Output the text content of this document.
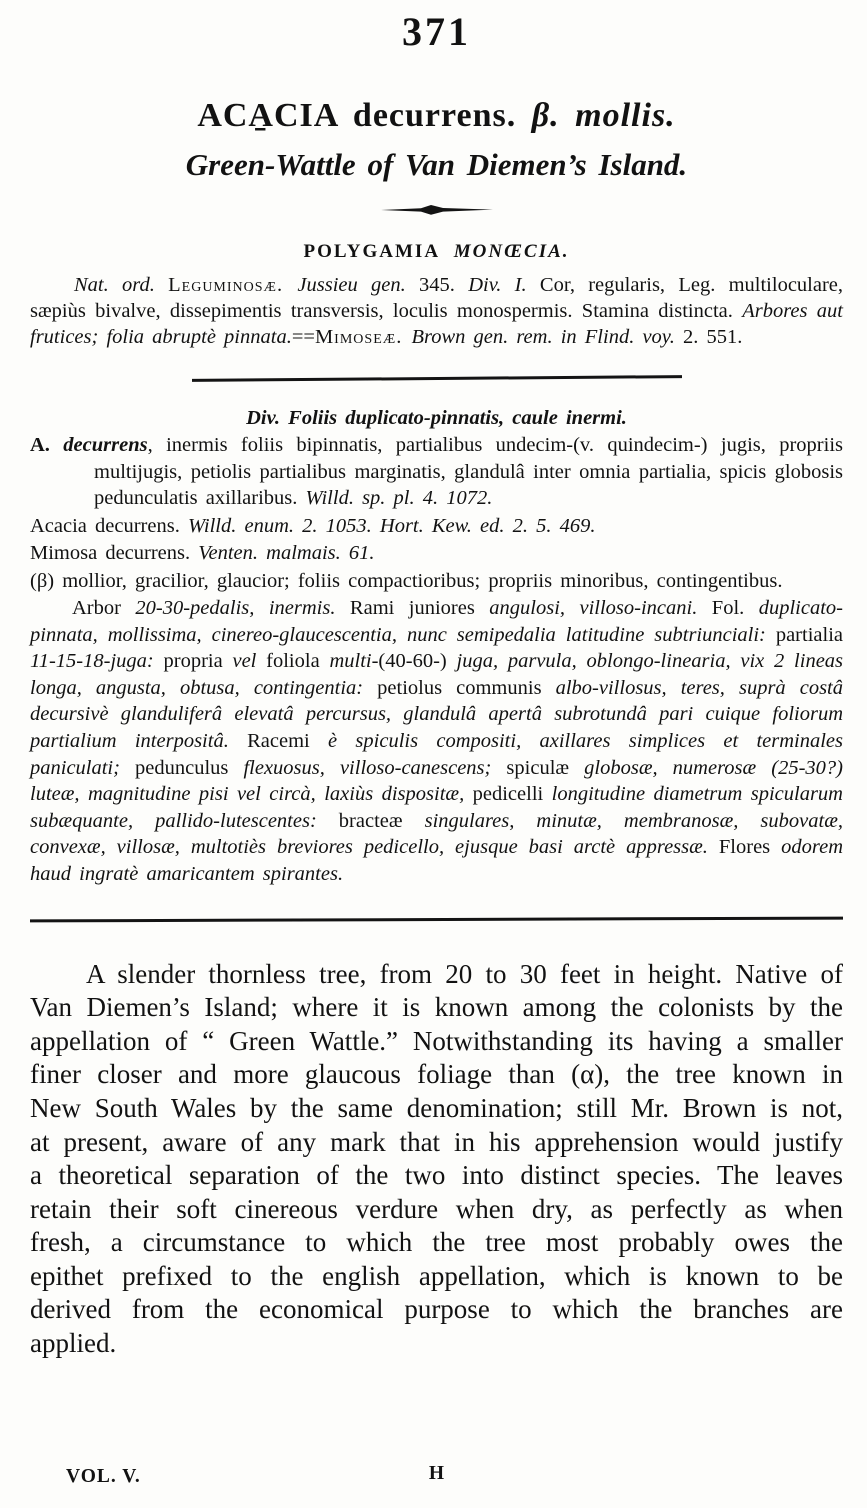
371
ACA̱CIA decurrens. β. mollis.
Green-Wattle of Van Diemen’s Island.
POLYGAMIA MONŒCIA.

Nat. ord. Leguminosæ. Jussieu gen. 345. Div. I. Cor, regularis, Leg. multiloculare, sæpiùs bivalve, dissepimentis transversis, loculis monospermis. Stamina distincta. Arbores aut frutices; folia abruptè pinnata.==Mimoseæ. Brown gen. rem. in Flind. voy. 2. 551.

Div. Foliis duplicato-pinnatis, caule inermi.

A. decurrens, inermis foliis bipinnatis, partialibus undecim-(v. quindecim-) jugis, propriis multijugis, petiolis partialibus marginatis, glandulâ inter omnia partialia, spicis globosis pedunculatis axillaribus. Willd. sp. pl. 4. 1072.

Acacia decurrens. Willd. enum. 2. 1053. Hort. Kew. ed. 2. 5. 469.

Mimosa decurrens. Venten. malmais. 61.

(β) mollior, gracilior, glaucior; foliis compactioribus; propriis minoribus, contingentibus.

Arbor 20-30-pedalis, inermis. Rami juniores angulosi, villoso-incani. Fol. duplicato-pinnata, mollissima, cinereo-glaucescentia, nunc semipedalia latitudine subtriunciali: partialia 11-15-18-juga: propria vel foliola multi-(40-60-) juga, parvula, oblongo-linearia, vix 2 lineas longa, angusta, obtusa, contingentia: petiolus communis albo-villosus, teres, suprà costâ decursivè glanduliferâ elevatâ percursus, glandulâ apertâ subrotundâ pari cuique foliorum partialium interpositâ. Racemi è spiculis compositi, axillares simplices et terminales paniculati; pedunculus flexuosus, villoso-canescens; spiculæ globosæ, numerosæ (25-30?) luteæ, magnitudine pisi vel circà, laxiùs dispositæ, pedicelli longitudine diametrum spicularum subæquante, pallido-lutescentes: bracteæ singulares, minutæ, membranosæ, subovatæ, convexæ, villosæ, multotiès breviores pedicello, ejusque basi arctè appressæ. Flores odorem haud ingratè amaricantem spirantes.

A slender thornless tree, from 20 to 30 feet in height. Native of Van Diemen’s Island; where it is known among the colonists by the appellation of “ Green Wattle.” Notwithstanding its having a smaller finer closer and more glaucous foliage than (α), the tree known in New South Wales by the same denomination; still Mr. Brown is not, at present, aware of any mark that in his apprehension would justify a theoretical separation of the two into distinct species. The leaves retain their soft cinereous verdure when dry, as perfectly as when fresh, a circumstance to which the tree most probably owes the epithet prefixed to the english appellation, which is known to be derived from the economical purpose to which the branches are applied.

VOL. V.	H
